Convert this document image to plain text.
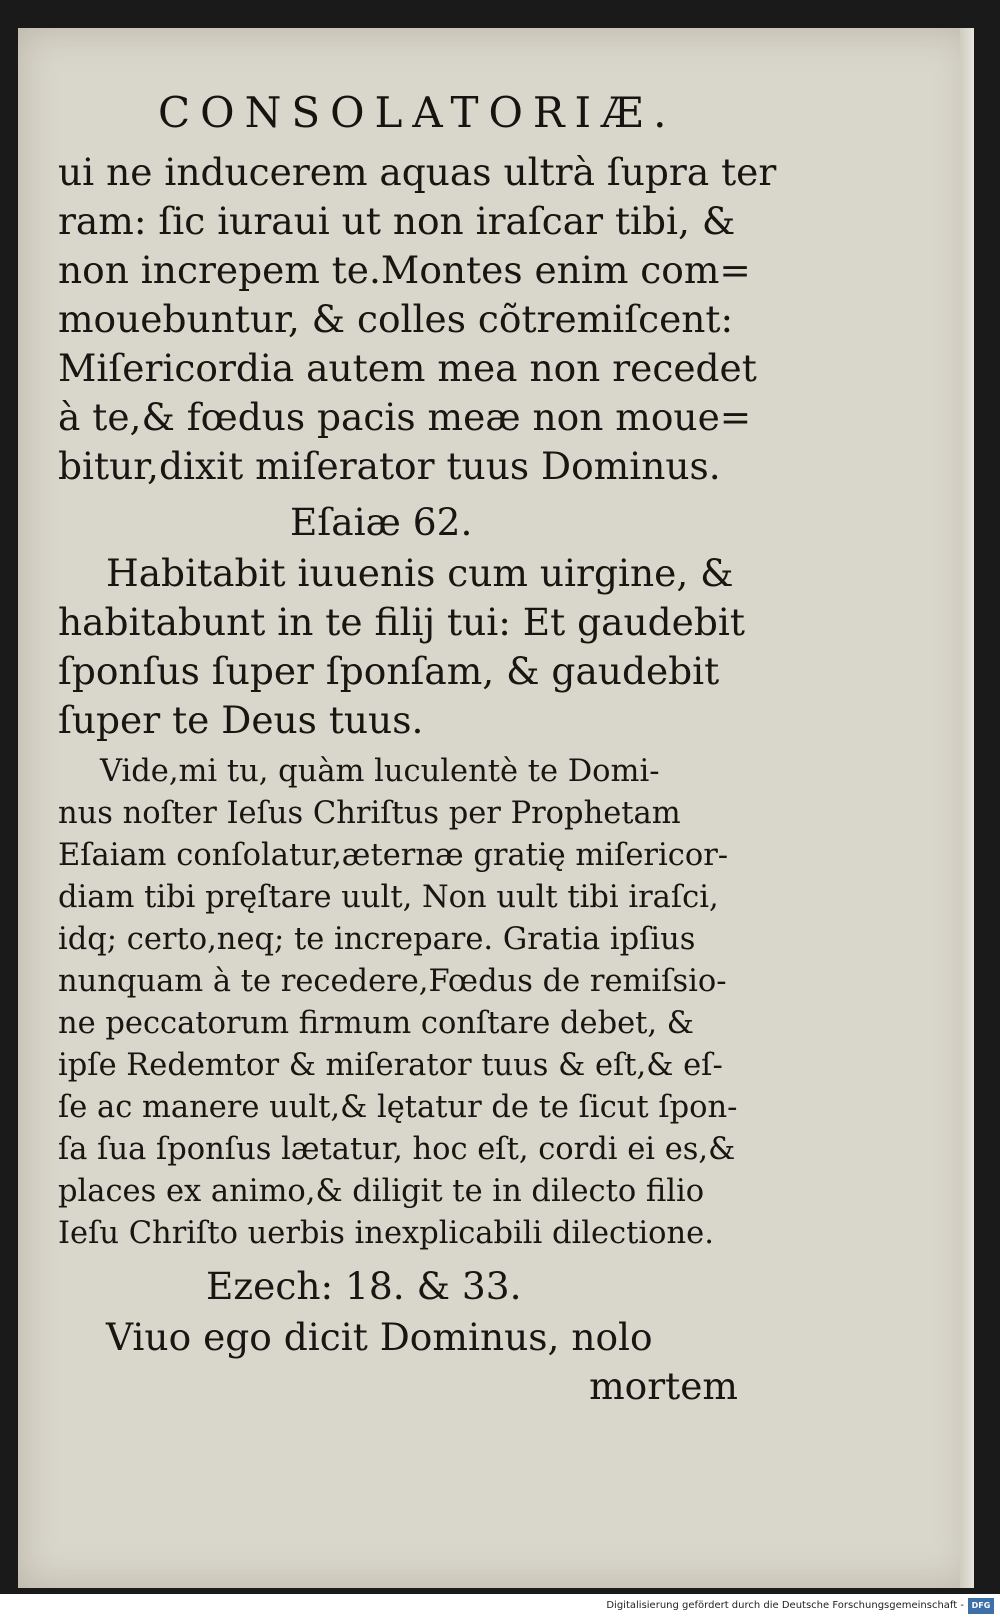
CONSOLATORIÆ.

ui ne inducerem aquas ultrà ſupra ter

ram: ſic iuraui ut non iraſcar tibi, &

non increpem te.Montes enim com=

mouebuntur, & colles cõtremiſcent:

Miſericordia autem mea non recedet

à te,& fœdus pacis meæ non moue=

bitur,dixit miſerator tuus Dominus.

Eſaiæ 62.

Habitabit iuuenis cum uirgine, &

habitabunt in te filij tui: Et gaudebit

ſponſus ſuper ſponſam, & gaudebit

ſuper te Deus tuus.

Vide,mi tu, quàm luculentè te Domi-

nus noſter Ieſus Chriſtus per Prophetam

Eſaiam conſolatur,æternæ gratię miſericor-

diam tibi pręſtare uult, Non uult tibi iraſci,

idq; certo,neq; te increpare. Gratia ipſius

nunquam à te recedere,Fœdus de remiſsio-

ne peccatorum firmum conſtare debet, &

ipſe Redemtor & miſerator tuus & eſt,& eſ-

ſe ac manere uult,& lętatur de te ſicut ſpon-

ſa ſua ſponſus lætatur, hoc eſt, cordi ei es,&

places ex animo,& diligit te in dilecto filio

Ieſu Chriſto uerbis inexplicabili dilectione.

Ezech: 18. & 33.

Viuo ego dicit Dominus, nolo

mortem

Digitalisierung gefördert durch die Deutsche Forschungsgemeinschaft - DFG
